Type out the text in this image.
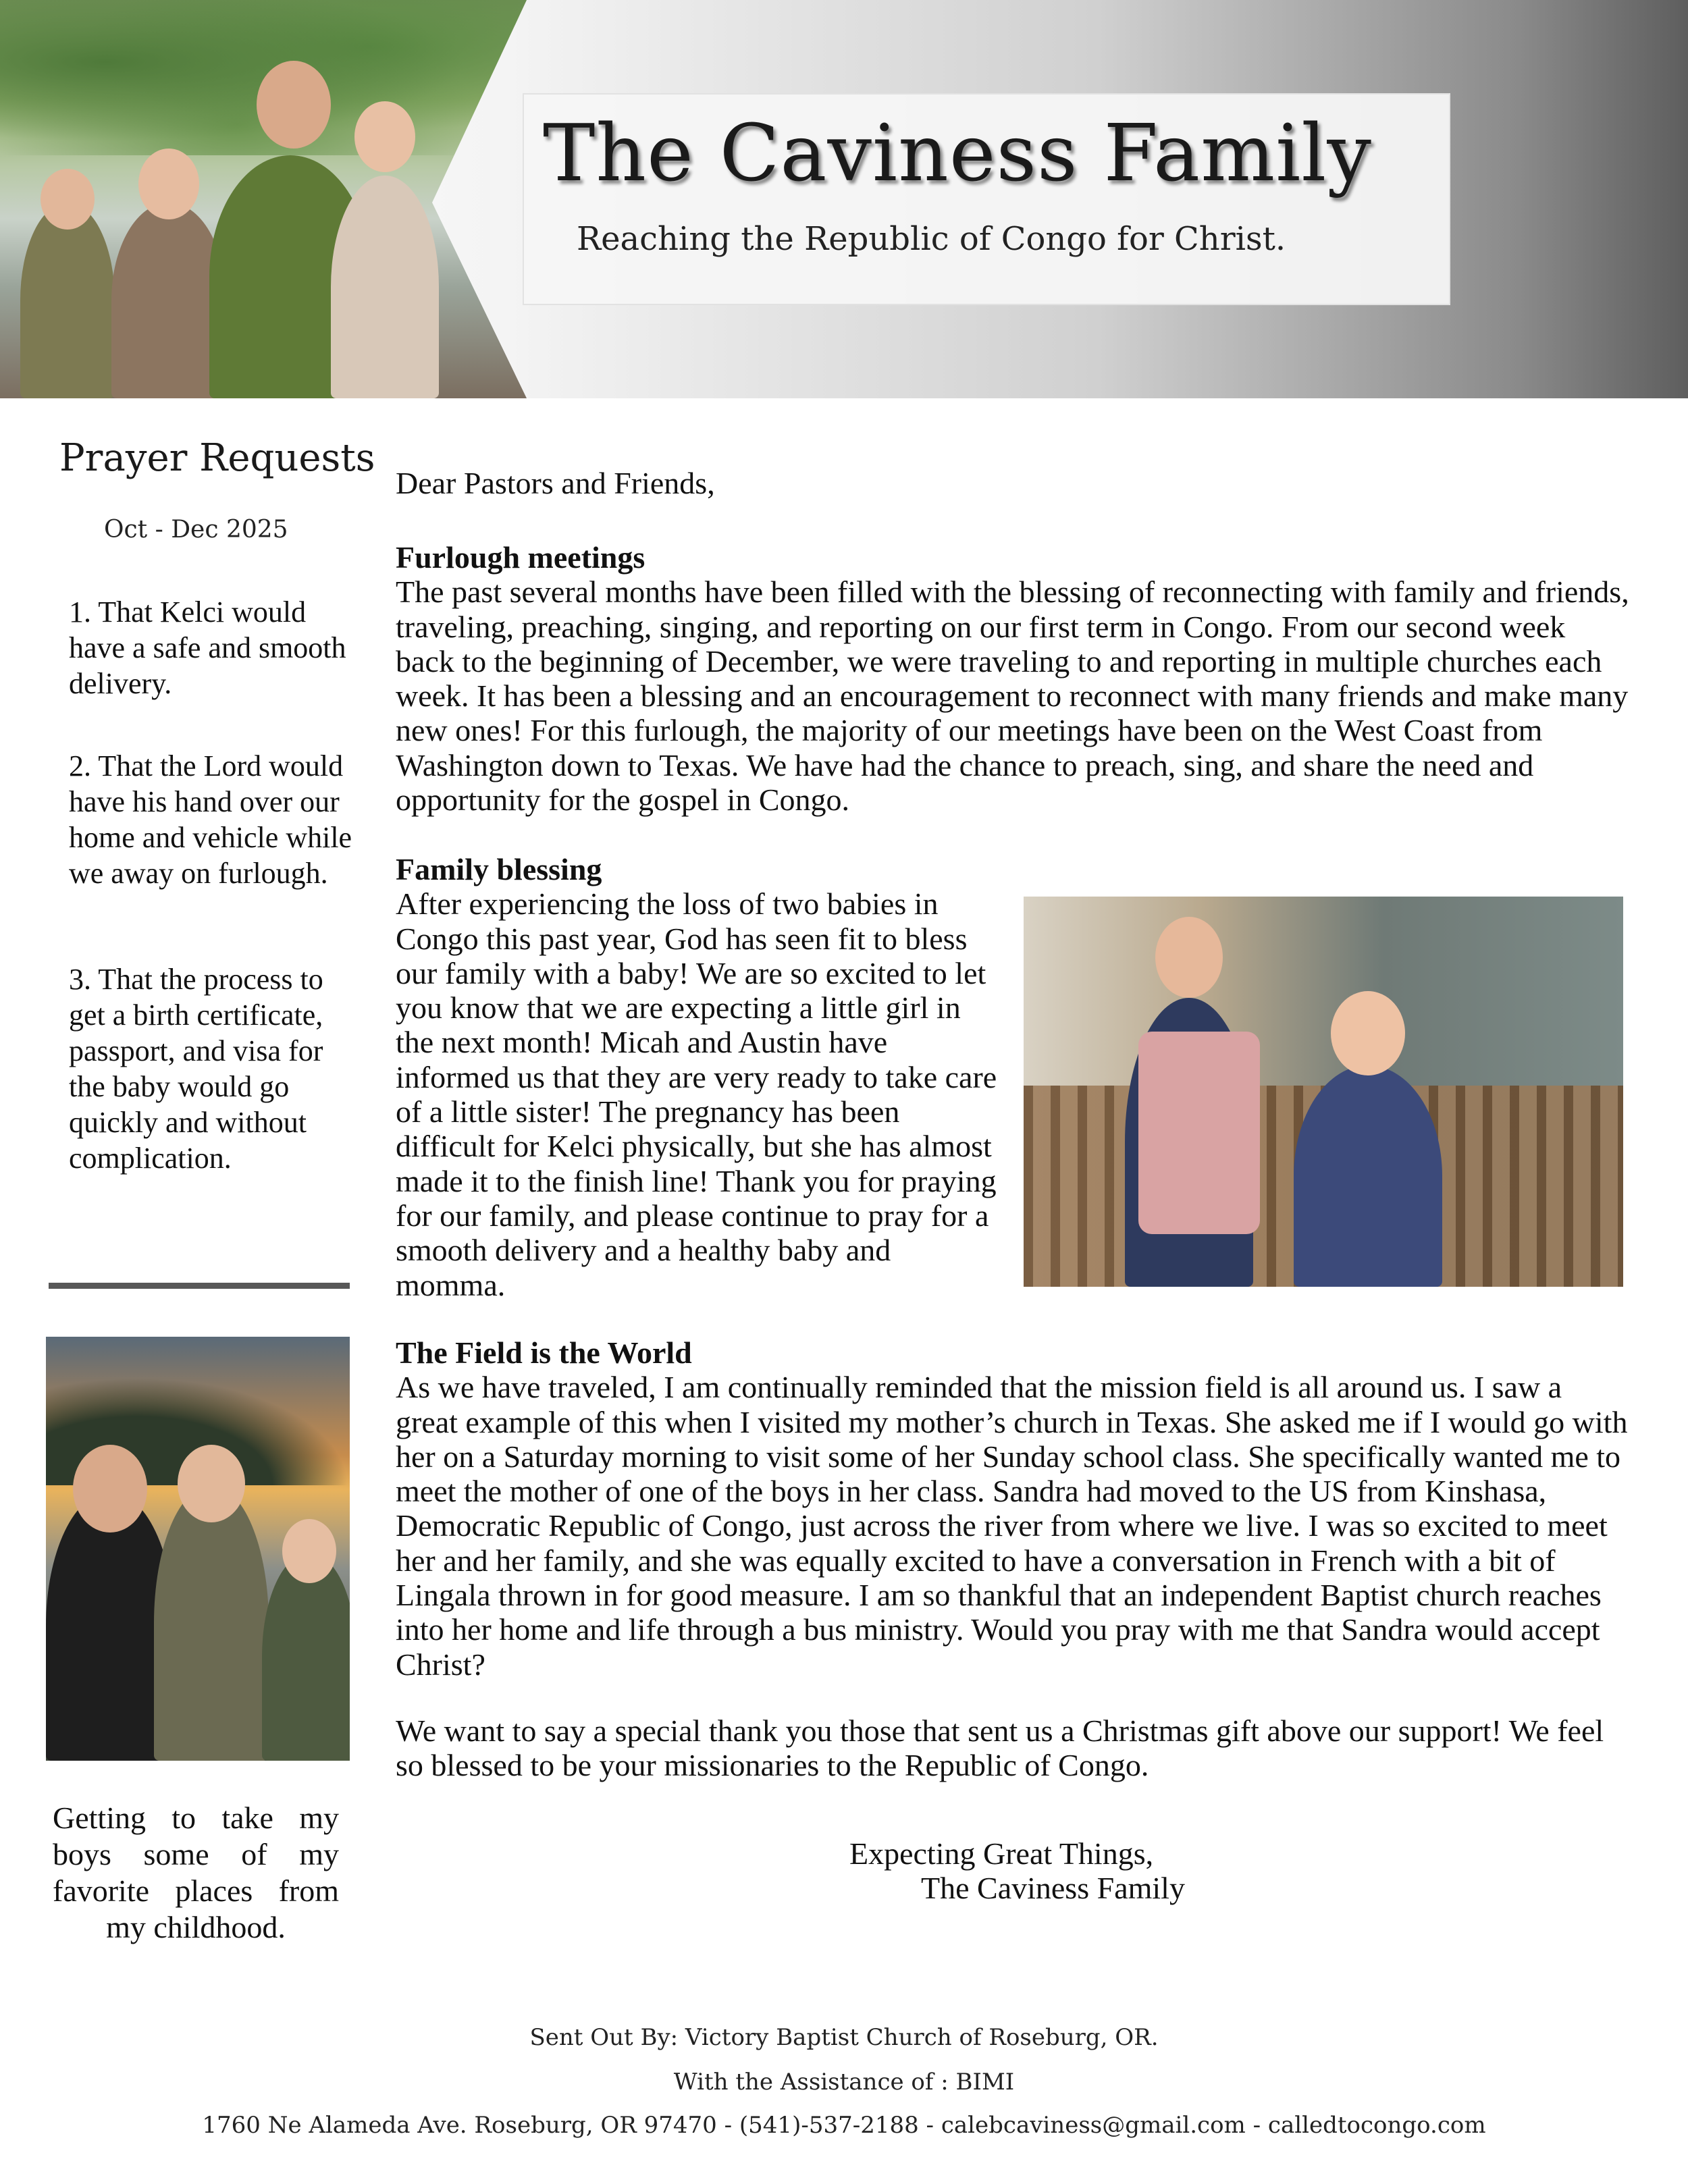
The Caviness Family
Reaching the Republic of Congo for Christ.
Prayer Requests
Oct - Dec 2025
1. That Kelci would have a safe and smooth delivery.
2. That the Lord would have his hand over our home and vehicle while we away on furlough.
3. That the process to get a birth certificate, passport, and visa for the baby would go quickly and without complication.

Getting to take my boys some of my favorite places from my childhood.

Dear Pastors and Friends,

Furlough meetings

The past several months have been filled with the blessing of reconnecting with family and friends, traveling, preaching, singing, and reporting on our first term in Congo. From our second week back to the beginning of December, we were traveling to and reporting in multiple churches each week. It has been a blessing and an encouragement to reconnect with many friends and make many new ones! For this furlough, the majority of our meetings have been on the West Coast from Washington down to Texas. We have had the chance to preach, sing, and share the need and opportunity for the gospel in Congo.

Family blessing

After experiencing the loss of two babies in Congo this past year, God has seen fit to bless our family with a baby! We are so excited to let you know that we are expecting a little girl in the next month! Micah and Austin have informed us that they are very ready to take care of a little sister! The pregnancy has been difficult for Kelci physically, but she has almost made it to the finish line! Thank you for praying for our family, and please continue to pray for a smooth delivery and a healthy baby and momma.

The Field is the World

As we have traveled, I am continually reminded that the mission field is all around us. I saw a great example of this when I visited my mother’s church in Texas. She asked me if I would go with her on a Saturday morning to visit some of her Sunday school class. She specifically wanted me to meet the mother of one of the boys in her class. Sandra had moved to the US from Kinshasa, Democratic Republic of Congo, just across the river from where we live. I was so excited to meet her and her family, and she was equally excited to have a conversation in French with a bit of Lingala thrown in for good measure. I am so thankful that an independent Baptist church reaches into her home and life through a bus ministry. Would you pray with me that Sandra would accept Christ?

We want to say a special thank you those that sent us a Christmas gift above our support! We feel so blessed to be your missionaries to the Republic of Congo.

Expecting Great Things,

The Caviness Family

Sent Out By: Victory Baptist Church of Roseburg, OR.

With the Assistance of : BIMI

1760 Ne Alameda Ave. Roseburg, OR 97470 - (541)-537-2188 - calebcaviness@gmail.com - calledtocongo.com
